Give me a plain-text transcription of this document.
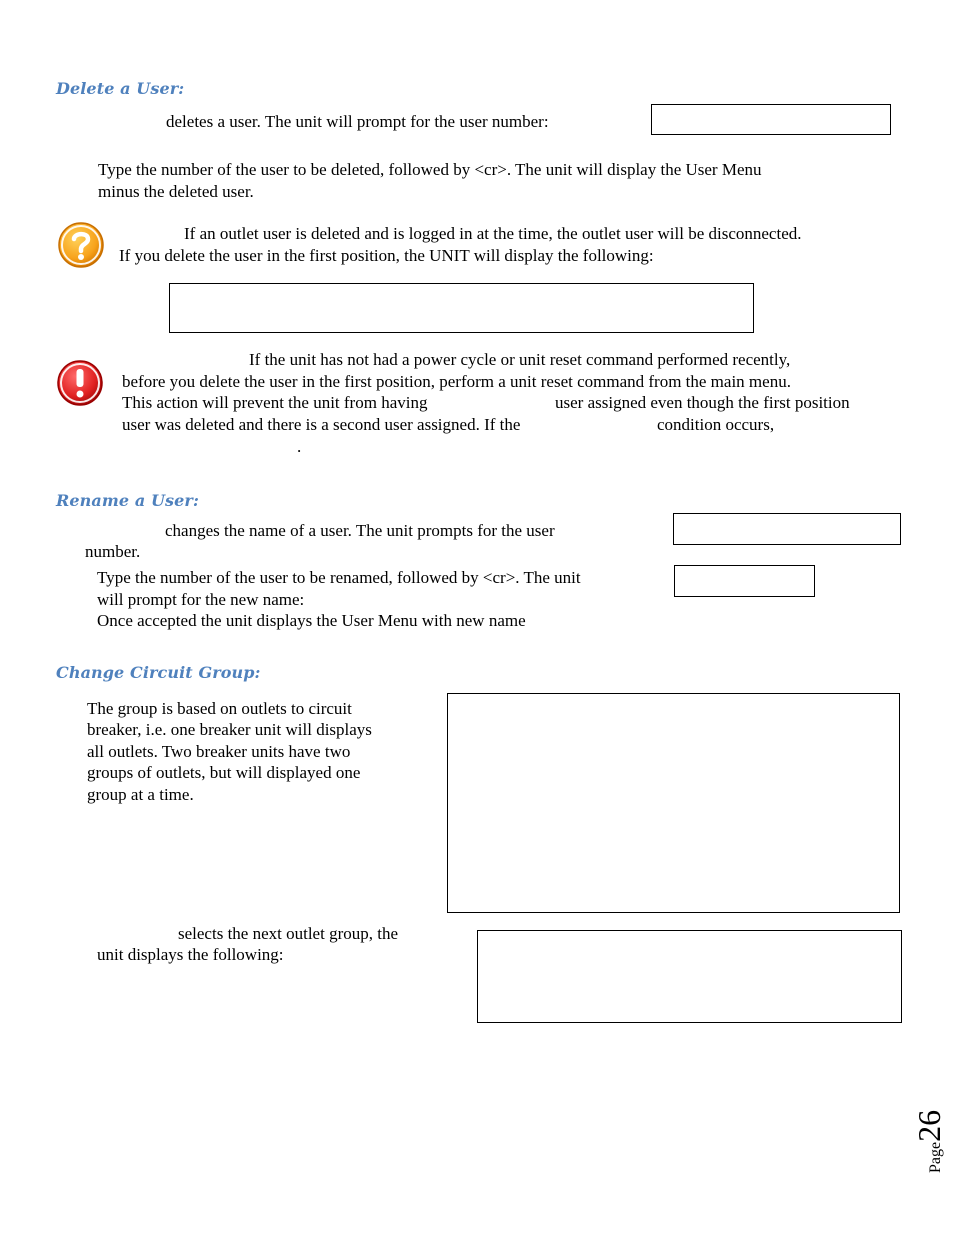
Delete a User:
deletes a user. The unit will prompt for the user number:
Type the number of the user to be deleted, followed by <cr>. The unit will display the User Menu
minus the deleted user.
If an outlet user is deleted and is logged in at the time, the outlet user will be disconnected.
If you delete the user in the first position, the UNIT will display the following:
If the unit has not had a power cycle or unit reset command performed recently,
before you delete the user in the first position, perform a unit reset command from the main menu.
This action will prevent the unit from having	user assigned even though the first position
user was deleted and there is a second user assigned. If the	condition occurs,
.
Rename a User:
changes the name of a user. The unit prompts for the user
number.
Type the number of the user to be renamed, followed by <cr>. The unit
will prompt for the new name:
Once accepted the unit displays the User Menu with new name
Change Circuit Group:
The group is based on outlets to circuit
breaker, i.e. one breaker unit will displays
all outlets. Two breaker units have two
groups of outlets, but will displayed one
group at a time.
selects the next outlet group, the
unit displays the following:
Page26
